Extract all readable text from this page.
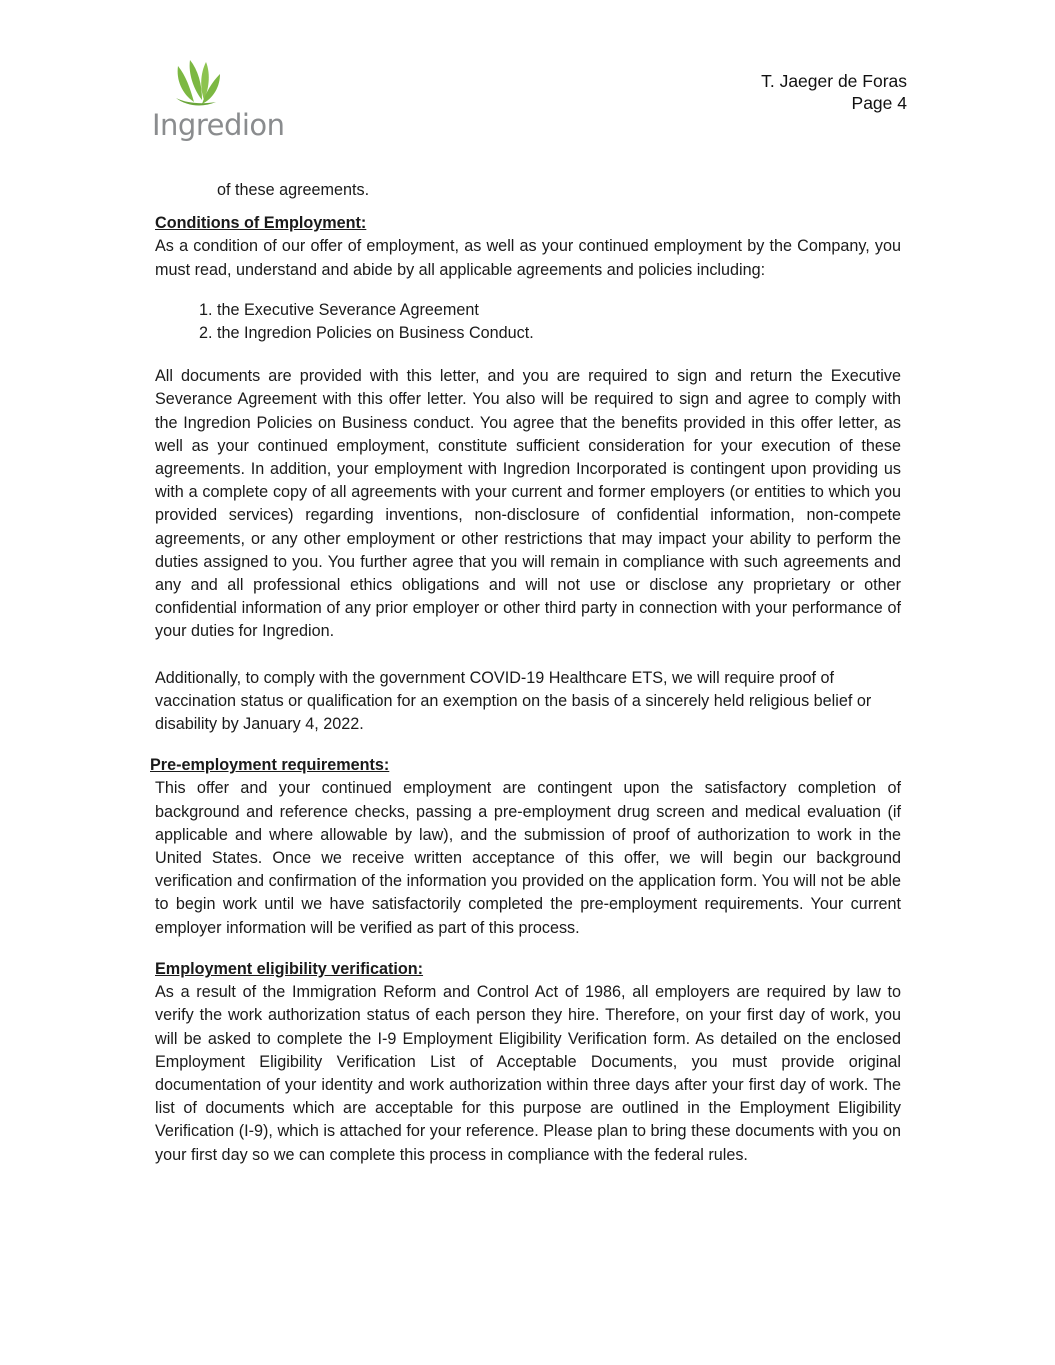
Ingredion
T. Jaeger de Foras
Page 4

of these agreements.

Conditions of Employment:

As a condition of our offer of employment, as well as your continued employment by the Company, you must read, understand and abide by all applicable agreements and policies including:

1. the Executive Severance Agreement
2. the Ingredion Policies on Business Conduct.

All documents are provided with this letter, and you are required to sign and return the Executive Severance Agreement with this offer letter. You also will be required to sign and agree to comply with the Ingredion Policies on Business conduct. You agree that the benefits provided in this offer letter, as well as your continued employment, constitute sufficient consideration for your execution of these agreements. In addition, your employment with Ingredion Incorporated is contingent upon providing us with a complete copy of all agreements with your current and former employers (or entities to which you provided services) regarding inventions, non-disclosure of confidential information, non-compete agreements, or any other employment or other restrictions that may impact your ability to perform the duties assigned to you. You further agree that you will remain in compliance with such agreements and any and all professional ethics obligations and will not use or disclose any proprietary or other confidential information of any prior employer or other third party in connection with your performance of your duties for Ingredion.

Additionally, to comply with the government COVID-19 Healthcare ETS, we will require proof of vaccination status or qualification for an exemption on the basis of a sincerely held religious belief or disability by January 4, 2022.

Pre-employment requirements:

This offer and your continued employment are contingent upon the satisfactory completion of background and reference checks, passing a pre-employment drug screen and medical evaluation (if applicable and where allowable by law), and the submission of proof of authorization to work in the United States. Once we receive written acceptance of this offer, we will begin our background verification and confirmation of the information you provided on the application form. You will not be able to begin work until we have satisfactorily completed the pre-employment requirements. Your current employer information will be verified as part of this process.

Employment eligibility verification:

As a result of the Immigration Reform and Control Act of 1986, all employers are required by law to verify the work authorization status of each person they hire. Therefore, on your first day of work, you will be asked to complete the I-9 Employment Eligibility Verification form. As detailed on the enclosed Employment Eligibility Verification List of Acceptable Documents, you must provide original documentation of your identity and work authorization within three days after your first day of work. The list of documents which are acceptable for this purpose are outlined in the Employment Eligibility Verification (I-9), which is attached for your reference. Please plan to bring these documents with you on your first day so we can complete this process in compliance with the federal rules.
